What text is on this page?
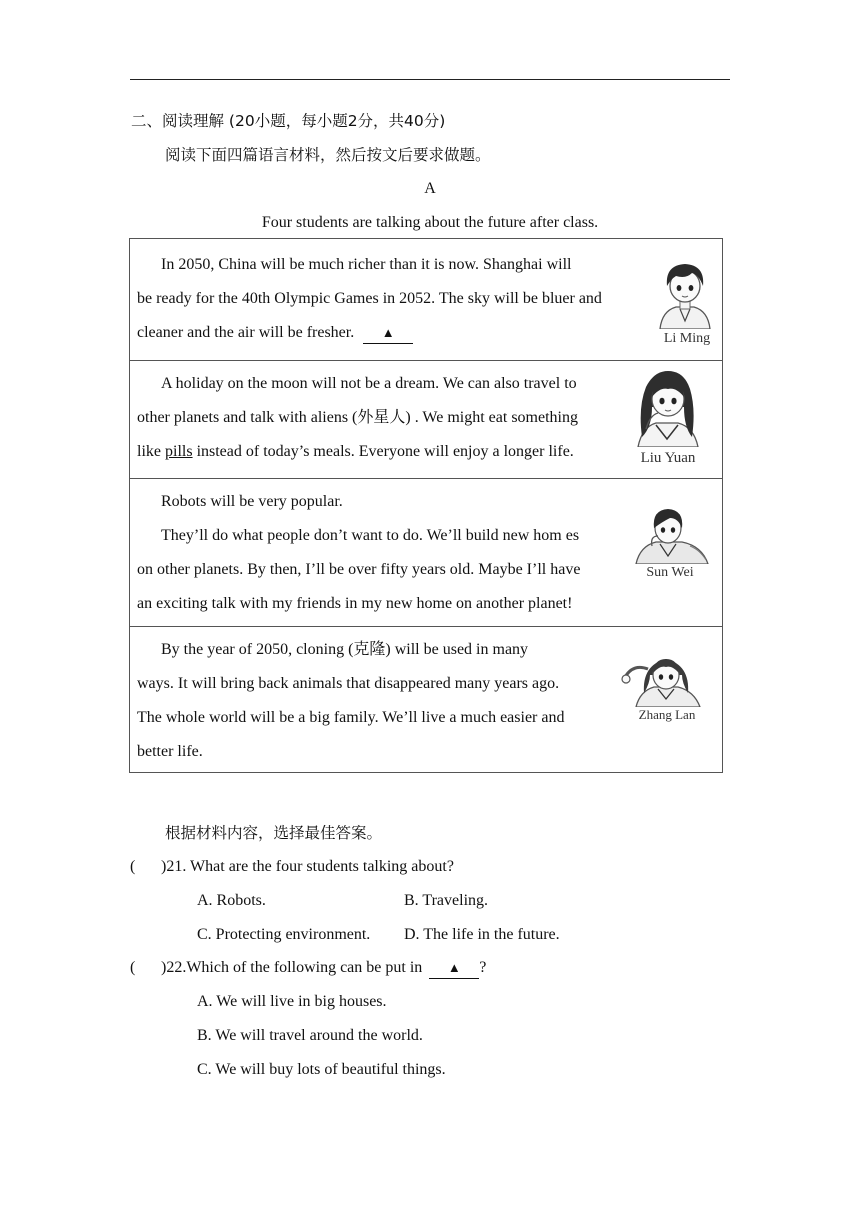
二、阅读理解 (20小题，每小题2分，共40分)
阅读下面四篇语言材料，然后按文后要求做题。
A
Four students are talking about the future after class.
In 2050, China will be much richer than it is now. Shanghai will
be ready for the 40th Olympic Games in 2052. The sky will be bluer and
cleaner and the air will be fresher. ▲	Li Ming
A holiday on the moon will not be a dream. We can also travel to
other planets and talk with aliens (外星人) . We might eat something
like pills instead of today’s meals. Everyone will enjoy a longer life.	Liu Yuan
Robots will be very popular.
They’ll do what people don’t want to do. We’ll build new hom es
on other planets. By then, I’ll be over fifty years old. Maybe I’ll have
an exciting talk with my friends in my new home on another planet!
Sun Wei
By the year of 2050, cloning (克隆) will be used in many
ways. It will bring back animals that disappeared many years ago.
The whole world will be a big family. We’ll live a much easier and
better life.
Zhang Lan
根据材料内容，选择最佳答案。
( )21. What are the four students talking about?
A. Robots.	B. Traveling.
C. Protecting environment. D. The life in the future.
( )22.Which of the following can be put in ▲ ?
A. We will live in big houses.
B. We will travel around the world.
C. We will buy lots of beautiful things.
